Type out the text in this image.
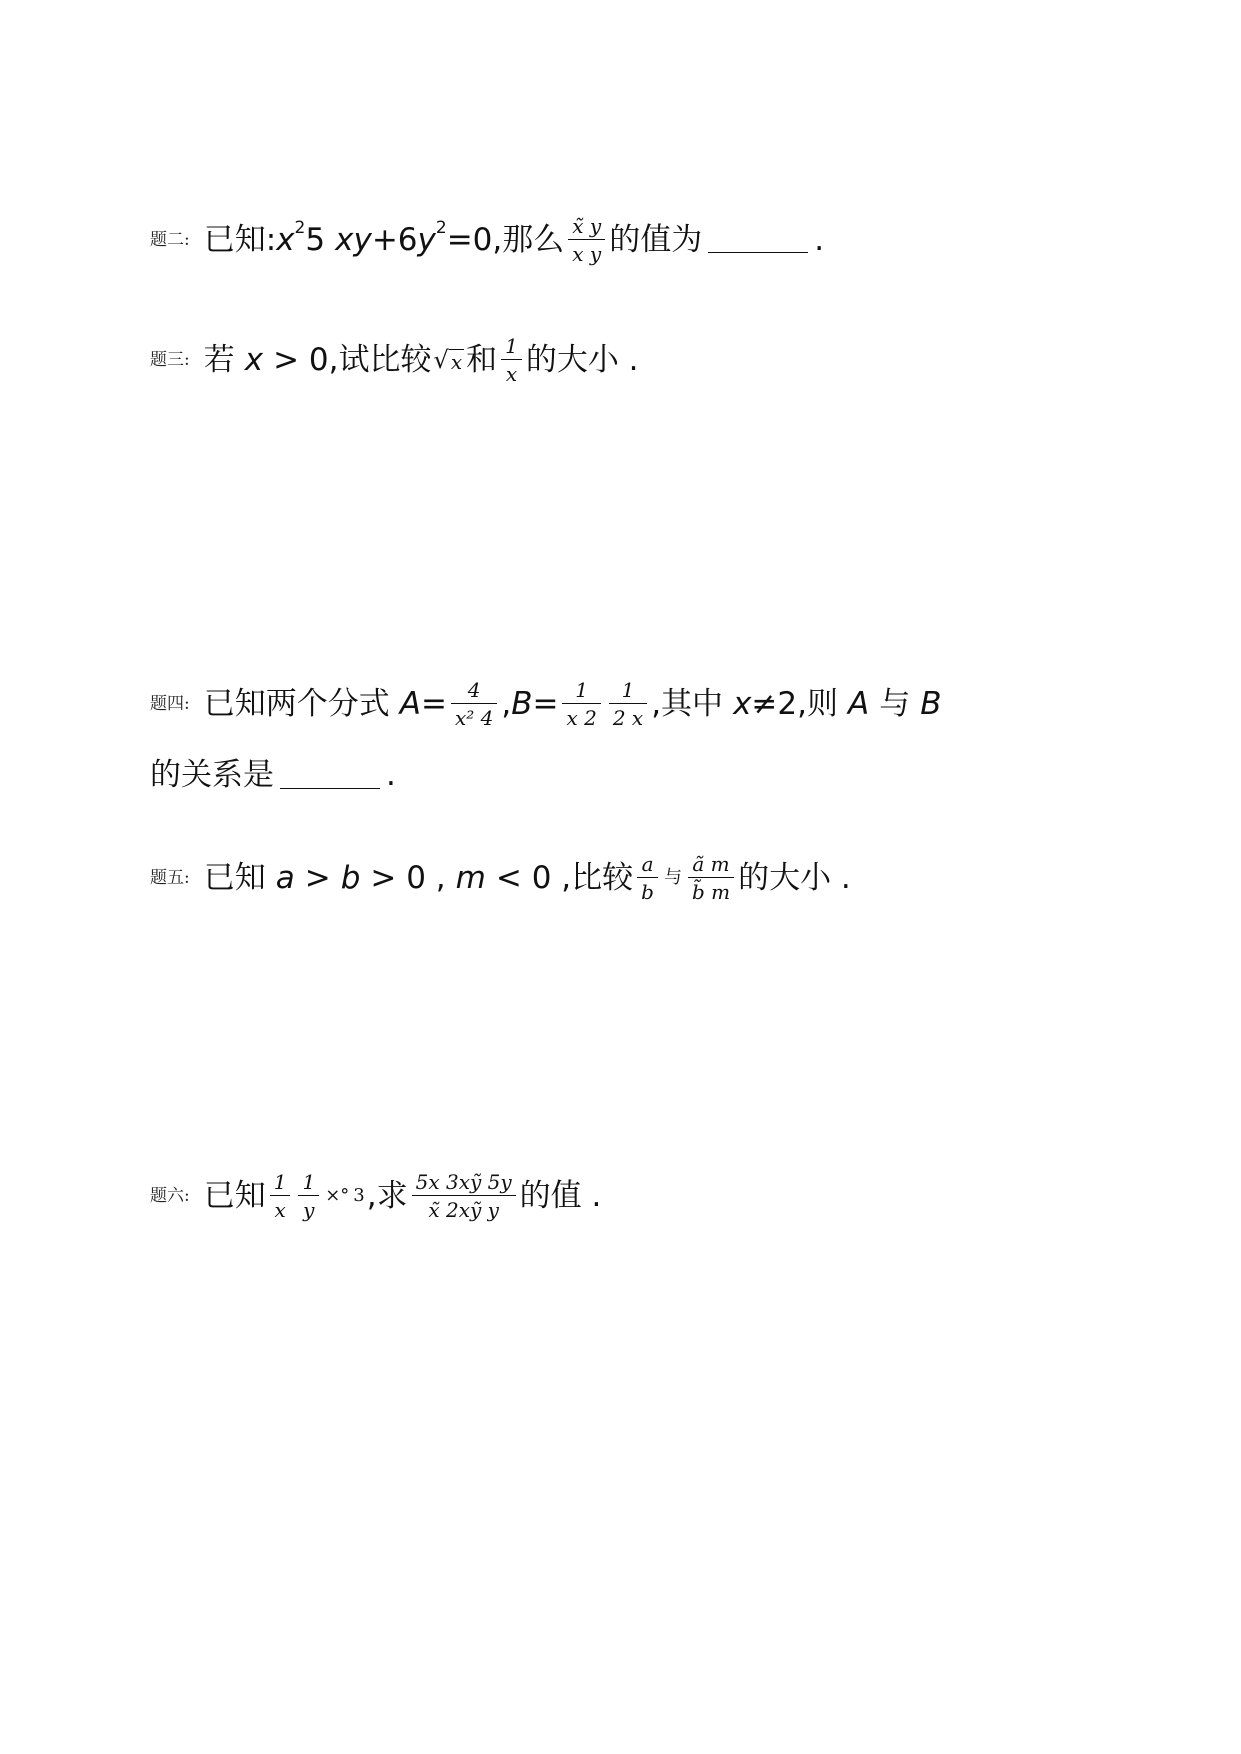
题二: 已知: x 2 5 xy +6 y 2 =0 ,那么 $\frac{x̃ y}{\text{x y}}$ 的值为	.
题三: 若 x > 0 ,试比较 √ x 和 $\frac{1}{x}$ 的大小 .
题四: 已知两个分式 $A = \frac{4}{\text{x² 4}}$ , $B = \frac{1}{x 2} \frac{1}{2 x}$ ,其中 x ≠2 ,则 A 与 B
的关系是	.
题五: 已知 a > b > 0 , m < 0 , 比较 $\frac{a}{b}$ 与 $\frac{\text{ã m}}{b̃ m}$ 的大小 .
题六: 已知 $\frac{1}{x} \frac{1}{y}$ ×° 3 ,求 $\frac{\text{5x 3xỹ 5y}}{\text{x̃ 2xỹ y}}$ 的值 .
